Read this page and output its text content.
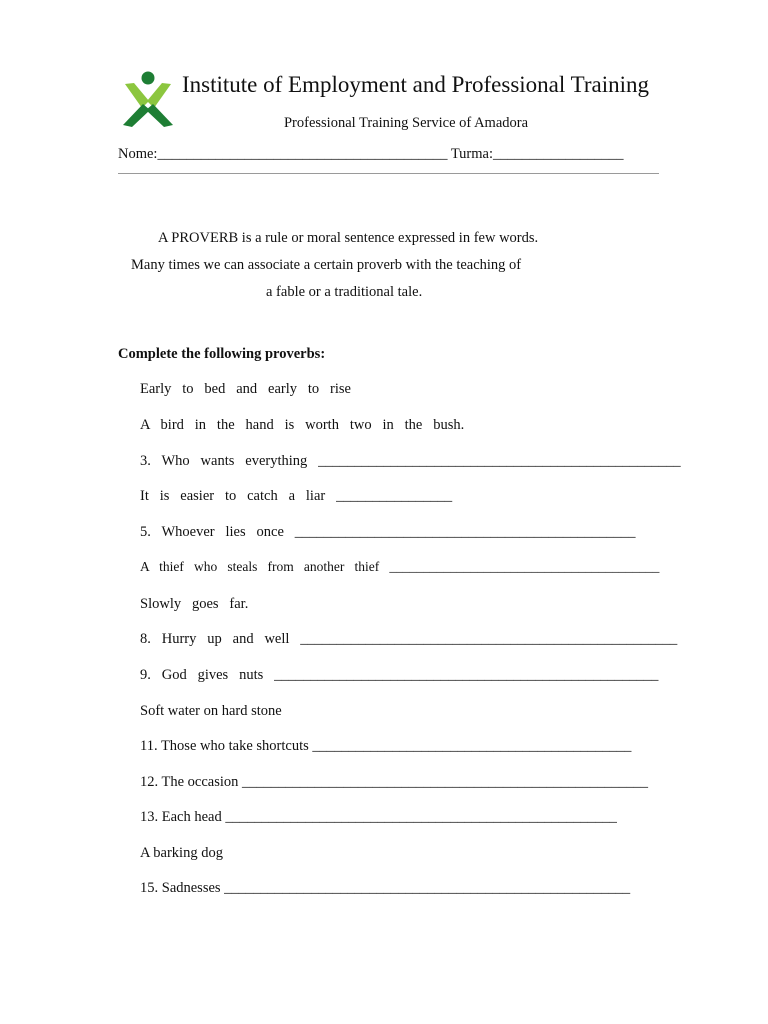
Institute of Employment and Professional Training
Professional Training Service of Amadora
Nome:________________________________________ Turma:__________________

A PROVERB is a rule or moral sentence expressed in few words.

Many times we can associate a certain proverb with the teaching of

a fable or a traditional tale.

Complete the following proverbs:
Early   to   bed   and   early   to   rise
A   bird   in   the   hand   is   worth   two   in   the   bush.
3.   Who   wants   everything   __________________________________________________
It   is   easier   to   catch   a   liar   ________________
5.   Whoever   lies   once   _______________________________________________
A   thief   who   steals   from   another   thief   ________________________________________
Slowly   goes   far.
8.   Hurry   up   and   well   ____________________________________________________
9.   God   gives   nuts   _____________________________________________________
Soft water on hard stone
11. Those who take shortcuts ____________________________________________
12. The occasion ________________________________________________________
13. Each head ______________________________________________________
A barking dog
15. Sadnesses ________________________________________________________
